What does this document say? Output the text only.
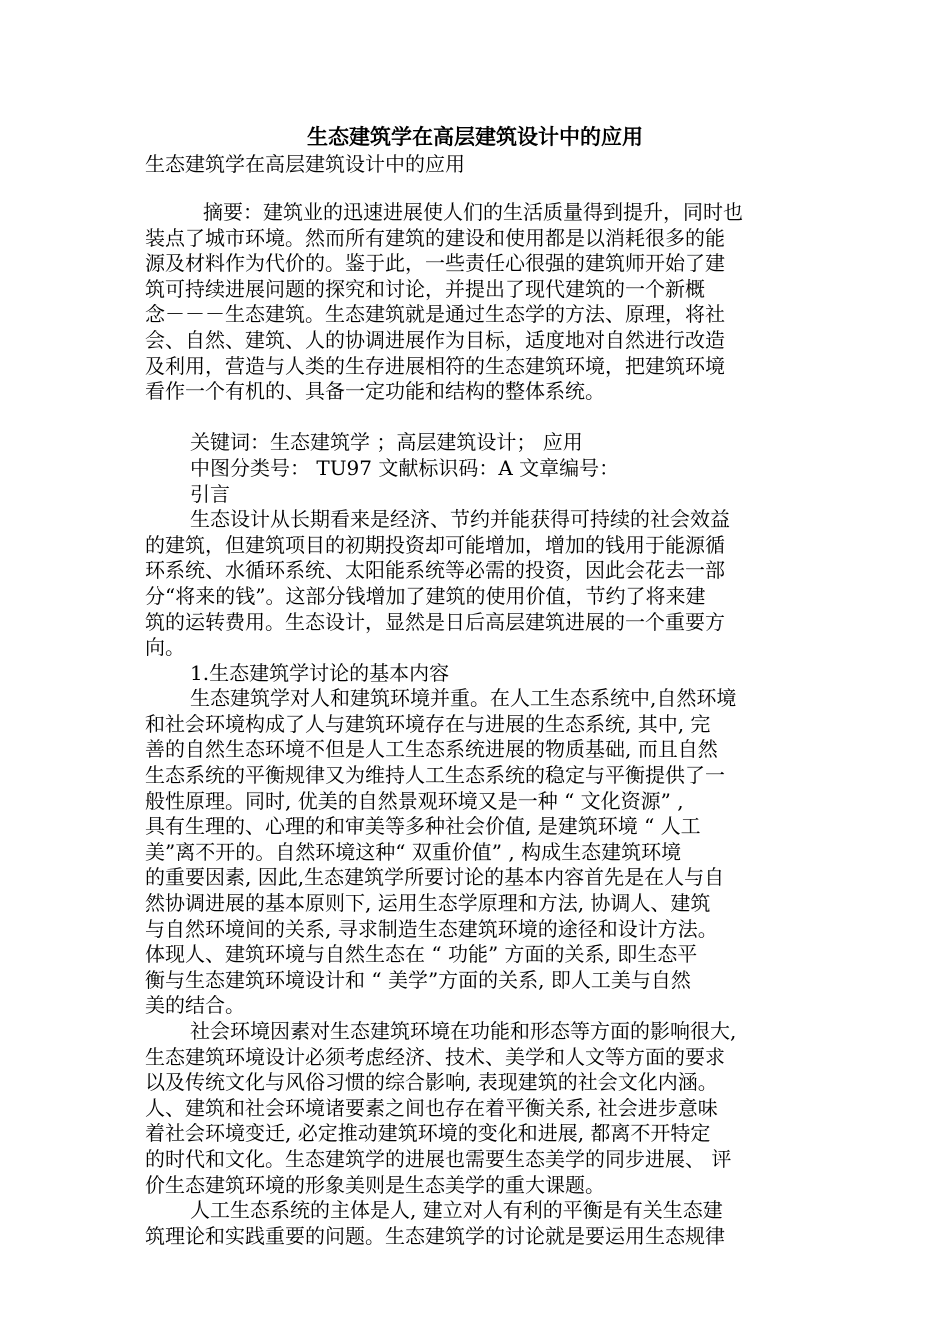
生态建筑学在高层建筑设计中的应用
生态建筑学在高层建筑设计中的应用
摘要：建筑业的迅速进展使人们的生活质量得到提升，同时也
装点了城市环境。然而所有建筑的建设和使用都是以消耗很多的能
源及材料作为代价的。鉴于此，一些责任心很强的建筑师开始了建
筑可持续进展问题的探究和讨论，并提出了现代建筑的一个新概
念－－－生态建筑。生态建筑就是通过生态学的方法、原理，将社
会、自然、建筑、人的协调进展作为目标，适度地对自然进行改造
及利用，营造与人类的生存进展相符的生态建筑环境，把建筑环境
看作一个有机的、具备一定功能和结构的整体系统。
关键词：生态建筑学 ；高层建筑设计； 应用
中图分类号： TU97 文献标识码：A 文章编号：
引言
生态设计从长期看来是经济、节约并能获得可持续的社会效益
的建筑，但建筑项目的初期投资却可能增加，增加的钱用于能源循
环系统、水循环系统、太阳能系统等必需的投资，因此会花去一部
分“将来的钱”。这部分钱增加了建筑的使用价值，节约了将来建
筑的运转费用。生态设计，显然是日后高层建筑进展的一个重要方
向。
1.生态建筑学讨论的基本内容
生态建筑学对人和建筑环境并重。在人工生态系统中,自然环境
和社会环境构成了人与建筑环境存在与进展的生态系统, 其中, 完
善的自然生态环境不但是人工生态系统进展的物质基础, 而且自然
生态系统的平衡规律又为维持人工生态系统的稳定与平衡提供了一
般性原理。同时, 优美的自然景观环境又是一种 “ 文化资源” ,
具有生理的、心理的和审美等多种社会价值, 是建筑环境 “ 人工
美”离不开的。自然环境这种“ 双重价值” , 构成生态建筑环境
的重要因素, 因此,生态建筑学所要讨论的基本内容首先是在人与自
然协调进展的基本原则下, 运用生态学原理和方法, 协调人、建筑
与自然环境间的关系, 寻求制造生态建筑环境的途径和设计方法。
体现人、建筑环境与自然生态在 “ 功能” 方面的关系, 即生态平
衡与生态建筑环境设计和 “ 美学”方面的关系, 即人工美与自然
美的结合。
社会环境因素对生态建筑环境在功能和形态等方面的影响很大,
生态建筑环境设计必须考虑经济、技术、美学和人文等方面的要求
以及传统文化与风俗习惯的综合影响, 表现建筑的社会文化内涵。
人、建筑和社会环境诸要素之间也存在着平衡关系, 社会进步意味
着社会环境变迁, 必定推动建筑环境的变化和进展, 都离不开特定
的时代和文化。生态建筑学的进展也需要生态美学的同步进展、 评
价生态建筑环境的形象美则是生态美学的重大课题。
人工生态系统的主体是人, 建立对人有利的平衡是有关生态建
筑理论和实践重要的问题。生态建筑学的讨论就是要运用生态规律
